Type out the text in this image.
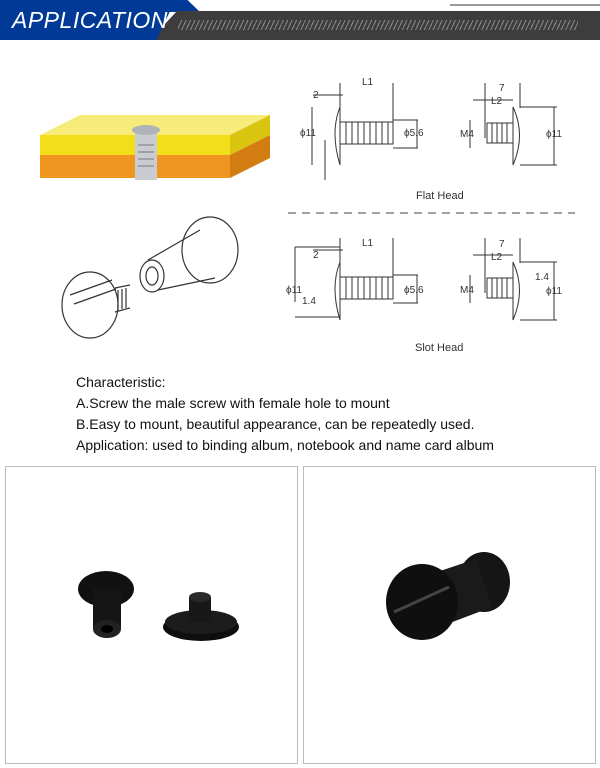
APPLICATION
L1
2
ϕ11	ϕ5.6
7
L2
M4	ϕ11
Flat Head
L1
2
ϕ11
1.4
ϕ5.6
7
L2
M4
1.4
ϕ11
Slot Head
Characteristic:
A.Screw the male screw with female hole to mount
B.Easy to mount, beautiful appearance, can be repeatedly used.
Application: used to binding album, notebook and name card album
